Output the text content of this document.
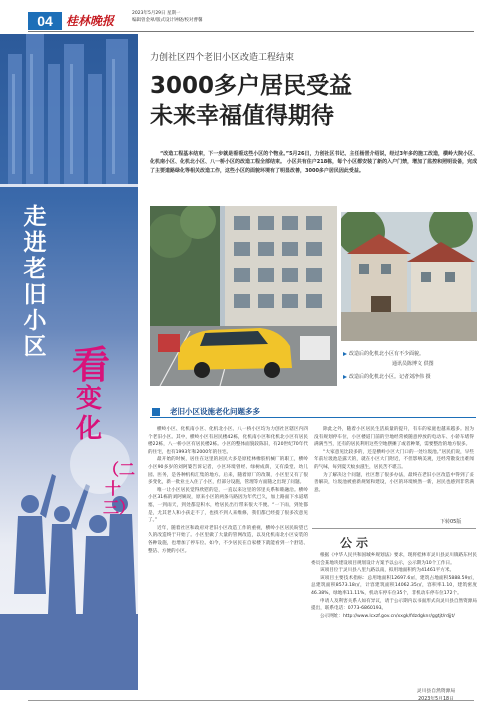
04	桂林晚报
2023年5月29日 星期一
编辑曾金翠/版式设计钟晓/校对曹馨
走进老旧小区 看
变化
（二十三）
力创社区四个老旧小区改造工程结束
3000多户居民受益
未来幸福值得期待
“改造工程基本结束，下一步就是看看这些小区的个物业。”5月26日，力创社区书记、主任杨晋介绍说，经过3年多的施工改造，横岭大院小区、化机南小区、化机北小区、八一桥小区的改造工程全部结束。 小区共有住户218栋，每个小区都安装了新的入户门禁，增加了监控和照明设备，完成了主要道路绿化等相关改造工作，这些小区的面貌环境有了明显改善，3000多户居民因此受益。
改造后的化机北小区有不少面貌。
通讯员陈博文 供图
改造后的化机北小区。记者刘净伟 摄
老旧小区设施老化问题多多

横岭小区、化机南小区、化机北小区、八一桥小区均为力创社区辖区内四个老旧小区。其中，横岭小区有居民楼42栋，化机南小区和化机北小区有居民楼22栋，八一桥小区有居民楼2栋。小区的整体面貌较陈旧，有20世纪70年代的住宅，也有1993年和2000年的住宅。

最开始的时候，居住在这里的居民大多是原桂林橡胶机械厂的职工，横岭小区90多岁的刘阿婆告诉记者，小区环境曾经、绿树成荫，又有澡堂、幼儿园、医务，是各种机构汇集的地方。后来，随着原厂的改制，小区里又有了很多变化，新一批业主入住了小区，但部分设施，管理等方面随之出现了问题。

唯一让小区居民觉得欣慰的是，一直以来这里的邻里关系和睦融洽。横岭小区31栋的刘阿姨说，原来小区的两条马路因为年代已久，加上路面下水道堵塞，一到雨天，到处都是积水，给居民出行带来很大不便。“一下雨，到处都是，尤其老人和小孩走不了，也找不到人来维修，我们都已经提了很多次意见了。”

近年，随着社区和政府对老旧小区改造工作的重视，横岭小区居民盼望已久的改造终于开始了。小区里做了大量的管网改造，以及化机南北小区安装的各种设施，也增加了停车位。如今，不少居民在自家楼下就能看到一个舒适、整洁、方便的小区。

除此之外，随着小区居民生活质量的提升，有车的家庭也越来越多。因为没有规划停车位，小区楼道门前的空地经常被随意停放的电动车、小轿车堵得满满当当，还有的居民利用这些空地摆摊了或者种菜，需要整治的地方很多。

“大家意见比较多的，还是横岭小区大门口的一处垃圾池。”居民们说，早些年前垃圾池是露天的，就在小区大门附近，不但影响美观，还经常散发出难闻的气味，每到夏天蚊虫滋生，居民苦不堪言。

为了解决这个问题，社区想了很多办法，最终在老旧小区改造中得到了妥善解决，垃圾池被重新规划和建设，小区的环境焕然一新，居民也感到非常满意。

下转05版
公示

根据《中华人民共和国城乡规划法》要求，现将桂林市灵川县灵川镇路东村民委员会某地块建设项目规划设计方案予以公示，公示期为10个工作日。

该项目位于灵川县八里九路以南，拟用地面积约为41461平方米。

该项目主要技术指标：总用地面积12697.6㎡，建筑占地面积5888.59㎡，总建筑面积8573.18㎡，计容建筑面积14062.35㎡，容积率1.10，建筑密度46.38%，绿地率11.11%，机动车停车位35个，非机动车停车位172个。

申请人及利害关系人如有异议，请于公示期内以书面形式向灵川县自然资源局提出，联系电话：0773-6860193。

公示网址：http://www.lcxzf.gov.cn/xxgk/fdzdgknr/ggtjt/rdjjt/

灵川县自然资源局
